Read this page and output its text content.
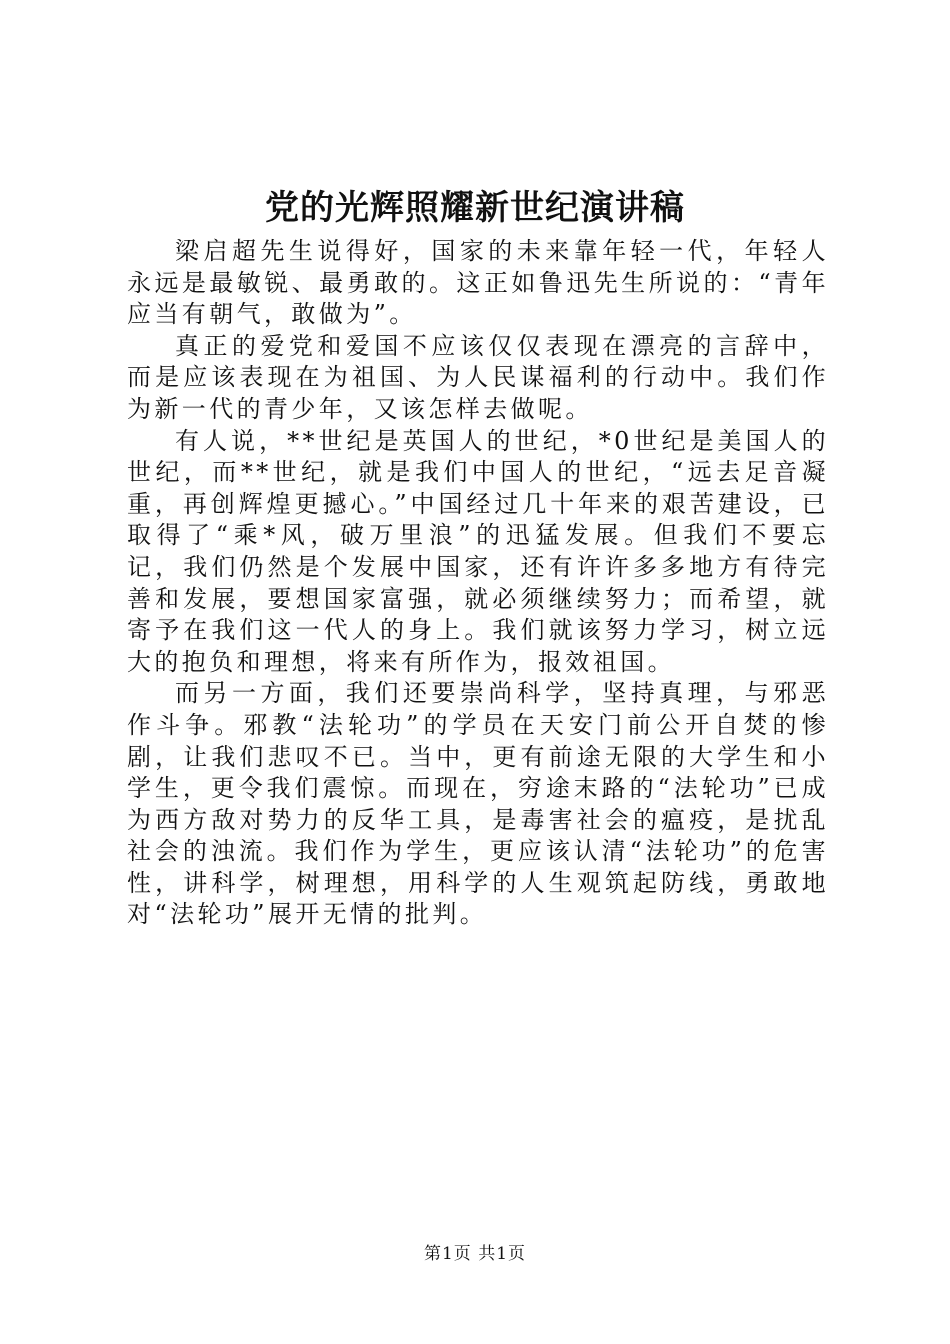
党的光辉照耀新世纪演讲稿

梁启超先生说得好，国家的未来靠年轻一代，年轻人永远是最敏锐、最勇敢的。这正如鲁迅先生所说的：“青年应当有朝气，敢做为”。

真正的爱党和爱国不应该仅仅表现在漂亮的言辞中，而是应该表现在为祖国、为人民谋福利的行动中。我们作为新一代的青少年，又该怎样去做呢。

有人说，**世纪是英国人的世纪，*0世纪是美国人的世纪，而**世纪，就是我们中国人的世纪，“远去足音凝重，再创辉煌更撼心。”中国经过几十年来的艰苦建设，已取得了“乘*风，破万里浪”的迅猛发展。但我们不要忘记，我们仍然是个发展中国家，还有许许多多地方有待完善和发展，要想国家富强，就必须继续努力；而希望，就寄予在我们这一代人的身上。我们就该努力学习，树立远大的抱负和理想，将来有所作为，报效祖国。

而另一方面，我们还要崇尚科学，坚持真理，与邪恶作斗争。邪教“法轮功”的学员在天安门前公开自焚的惨剧，让我们悲叹不已。当中，更有前途无限的大学生和小学生，更令我们震惊。而现在，穷途末路的“法轮功”已成为西方敌对势力的反华工具，是毒害社会的瘟疫，是扰乱社会的浊流。我们作为学生，更应该认清“法轮功”的危害性，讲科学，树理想，用科学的人生观筑起防线，勇敢地对“法轮功”展开无情的批判。

第1页 共1页
